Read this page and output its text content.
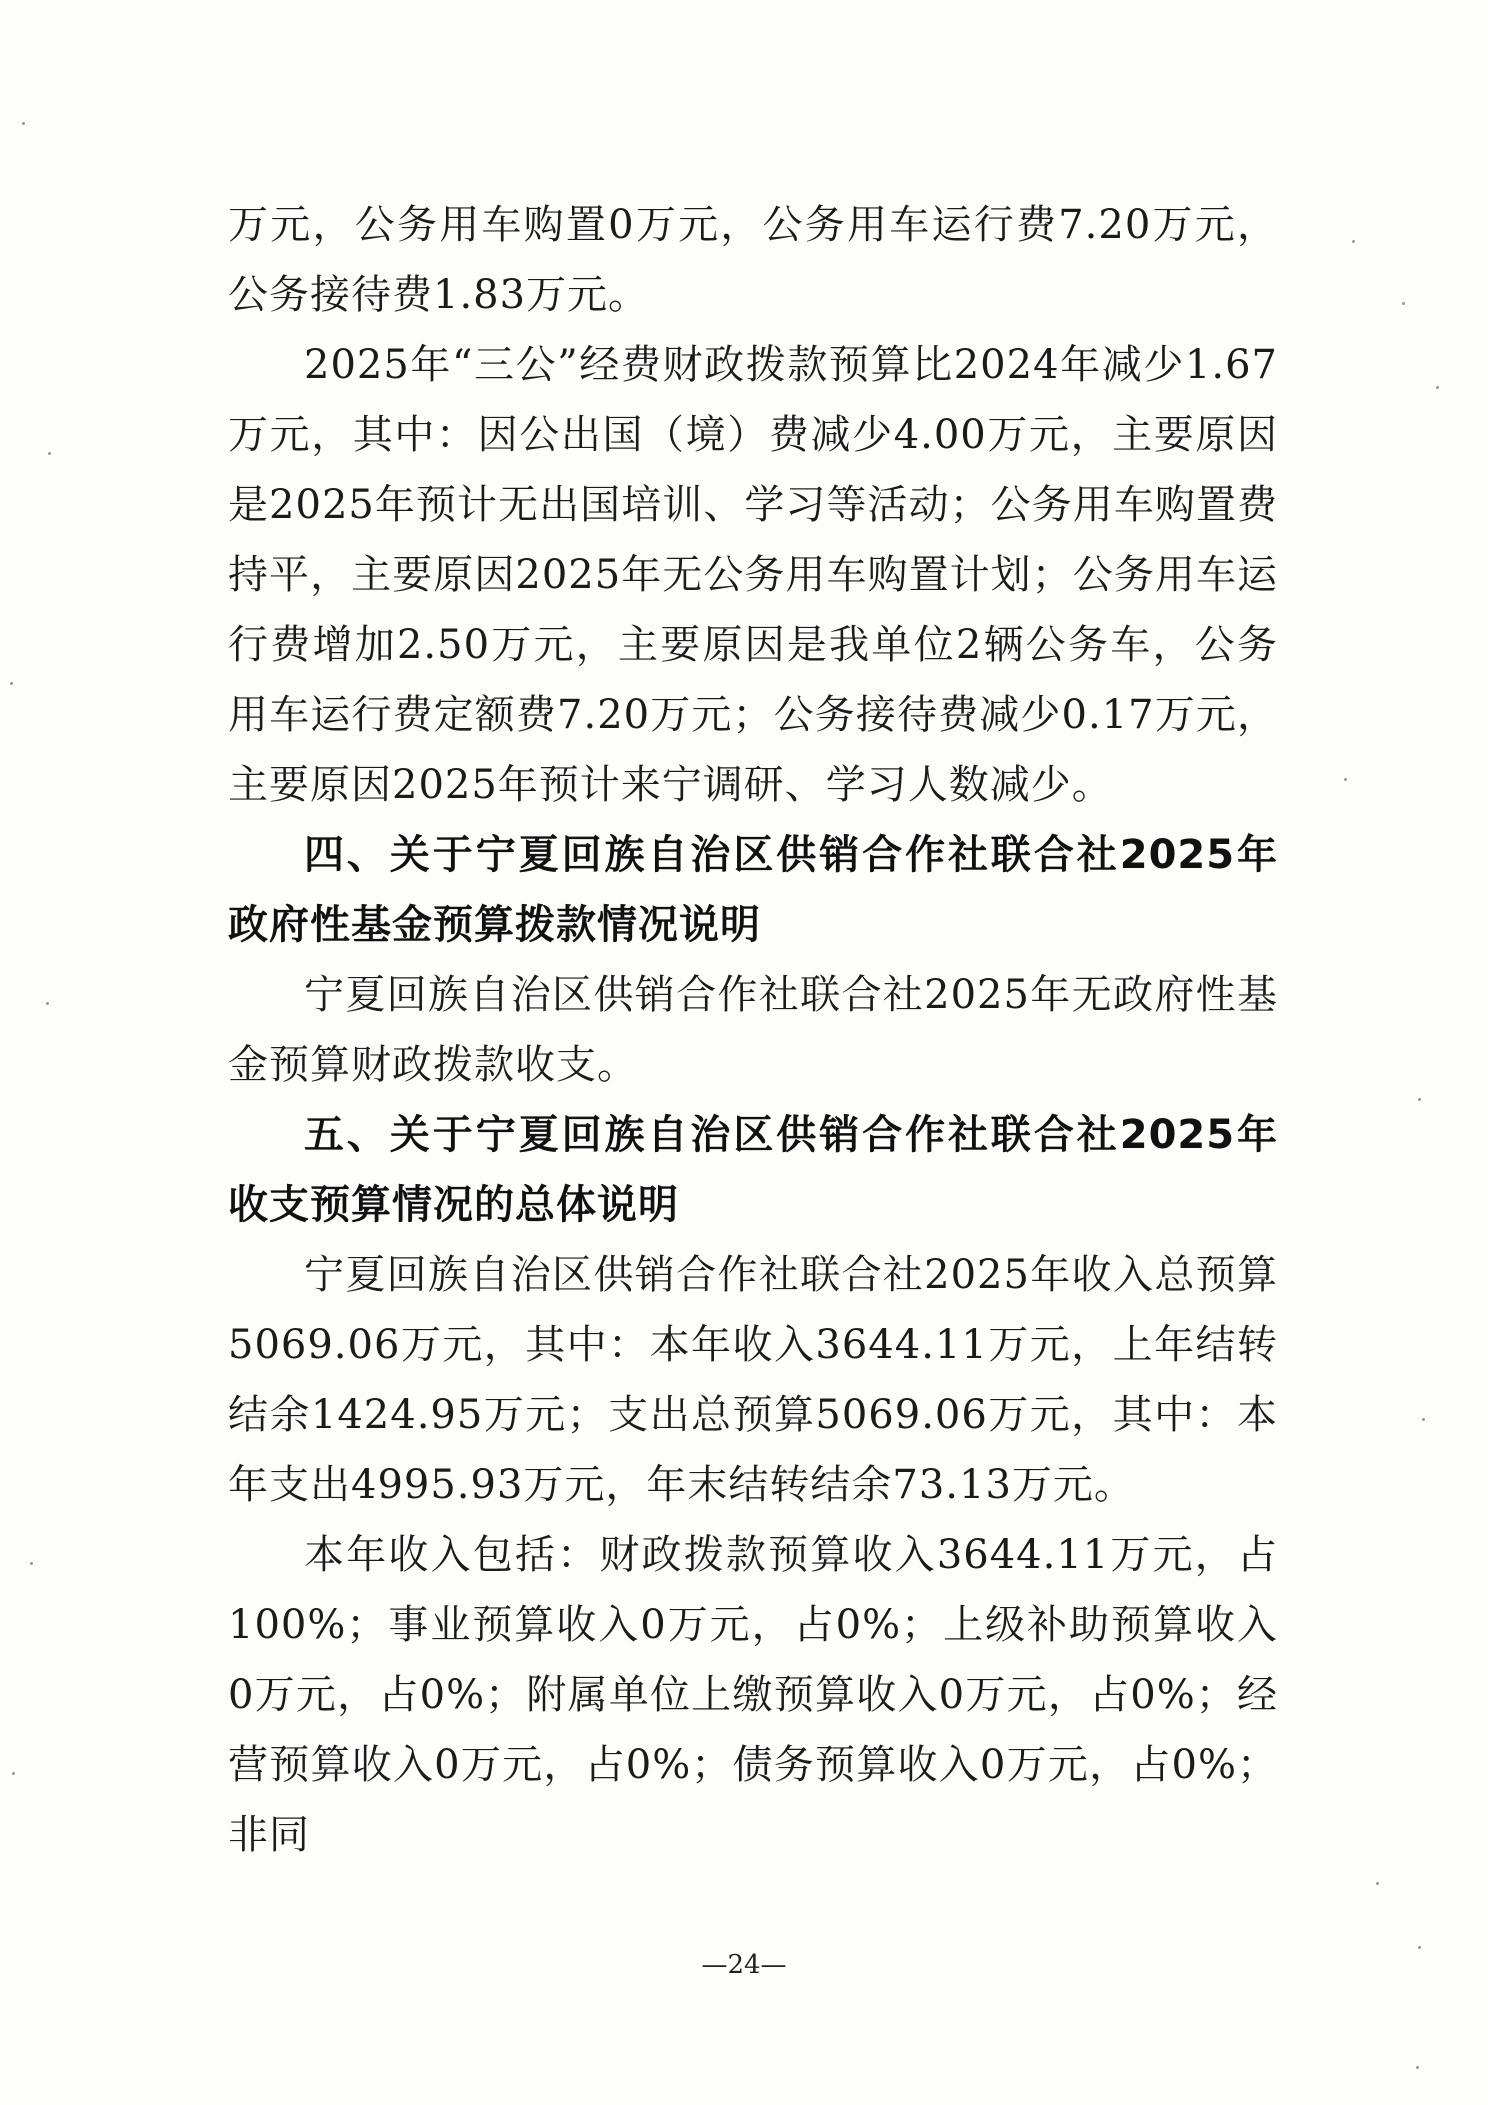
万元，公务用车购置0万元，公务用车运行费7.20万元，公务接待费1.83万元。

2025年“三公”经费财政拨款预算比2024年减少1.67万元，其中：因公出国（境）费减少4.00万元，主要原因是2025年预计无出国培训、学习等活动；公务用车购置费持平，主要原因2025年无公务用车购置计划；公务用车运行费增加2.50万元，主要原因是我单位2辆公务车，公务用车运行费定额费7.20万元；公务接待费减少0.17万元，主要原因2025年预计来宁调研、学习人数减少。

四、关于宁夏回族自治区供销合作社联合社2025年政府性基金预算拨款情况说明

宁夏回族自治区供销合作社联合社2025年无政府性基金预算财政拨款收支。

五、关于宁夏回族自治区供销合作社联合社2025年收支预算情况的总体说明

宁夏回族自治区供销合作社联合社2025年收入总预算5069.06万元，其中：本年收入3644.11万元，上年结转结余1424.95万元；支出总预算5069.06万元，其中：本年支出4995.93万元，年末结转结余73.13万元。

本年收入包括：财政拨款预算收入3644.11万元，占100%；事业预算收入0万元，占0%；上级补助预算收入0万元，占0%；附属单位上缴预算收入0万元，占0%；经营预算收入0万元，占0%；债务预算收入0万元，占0%；非同

—24—
